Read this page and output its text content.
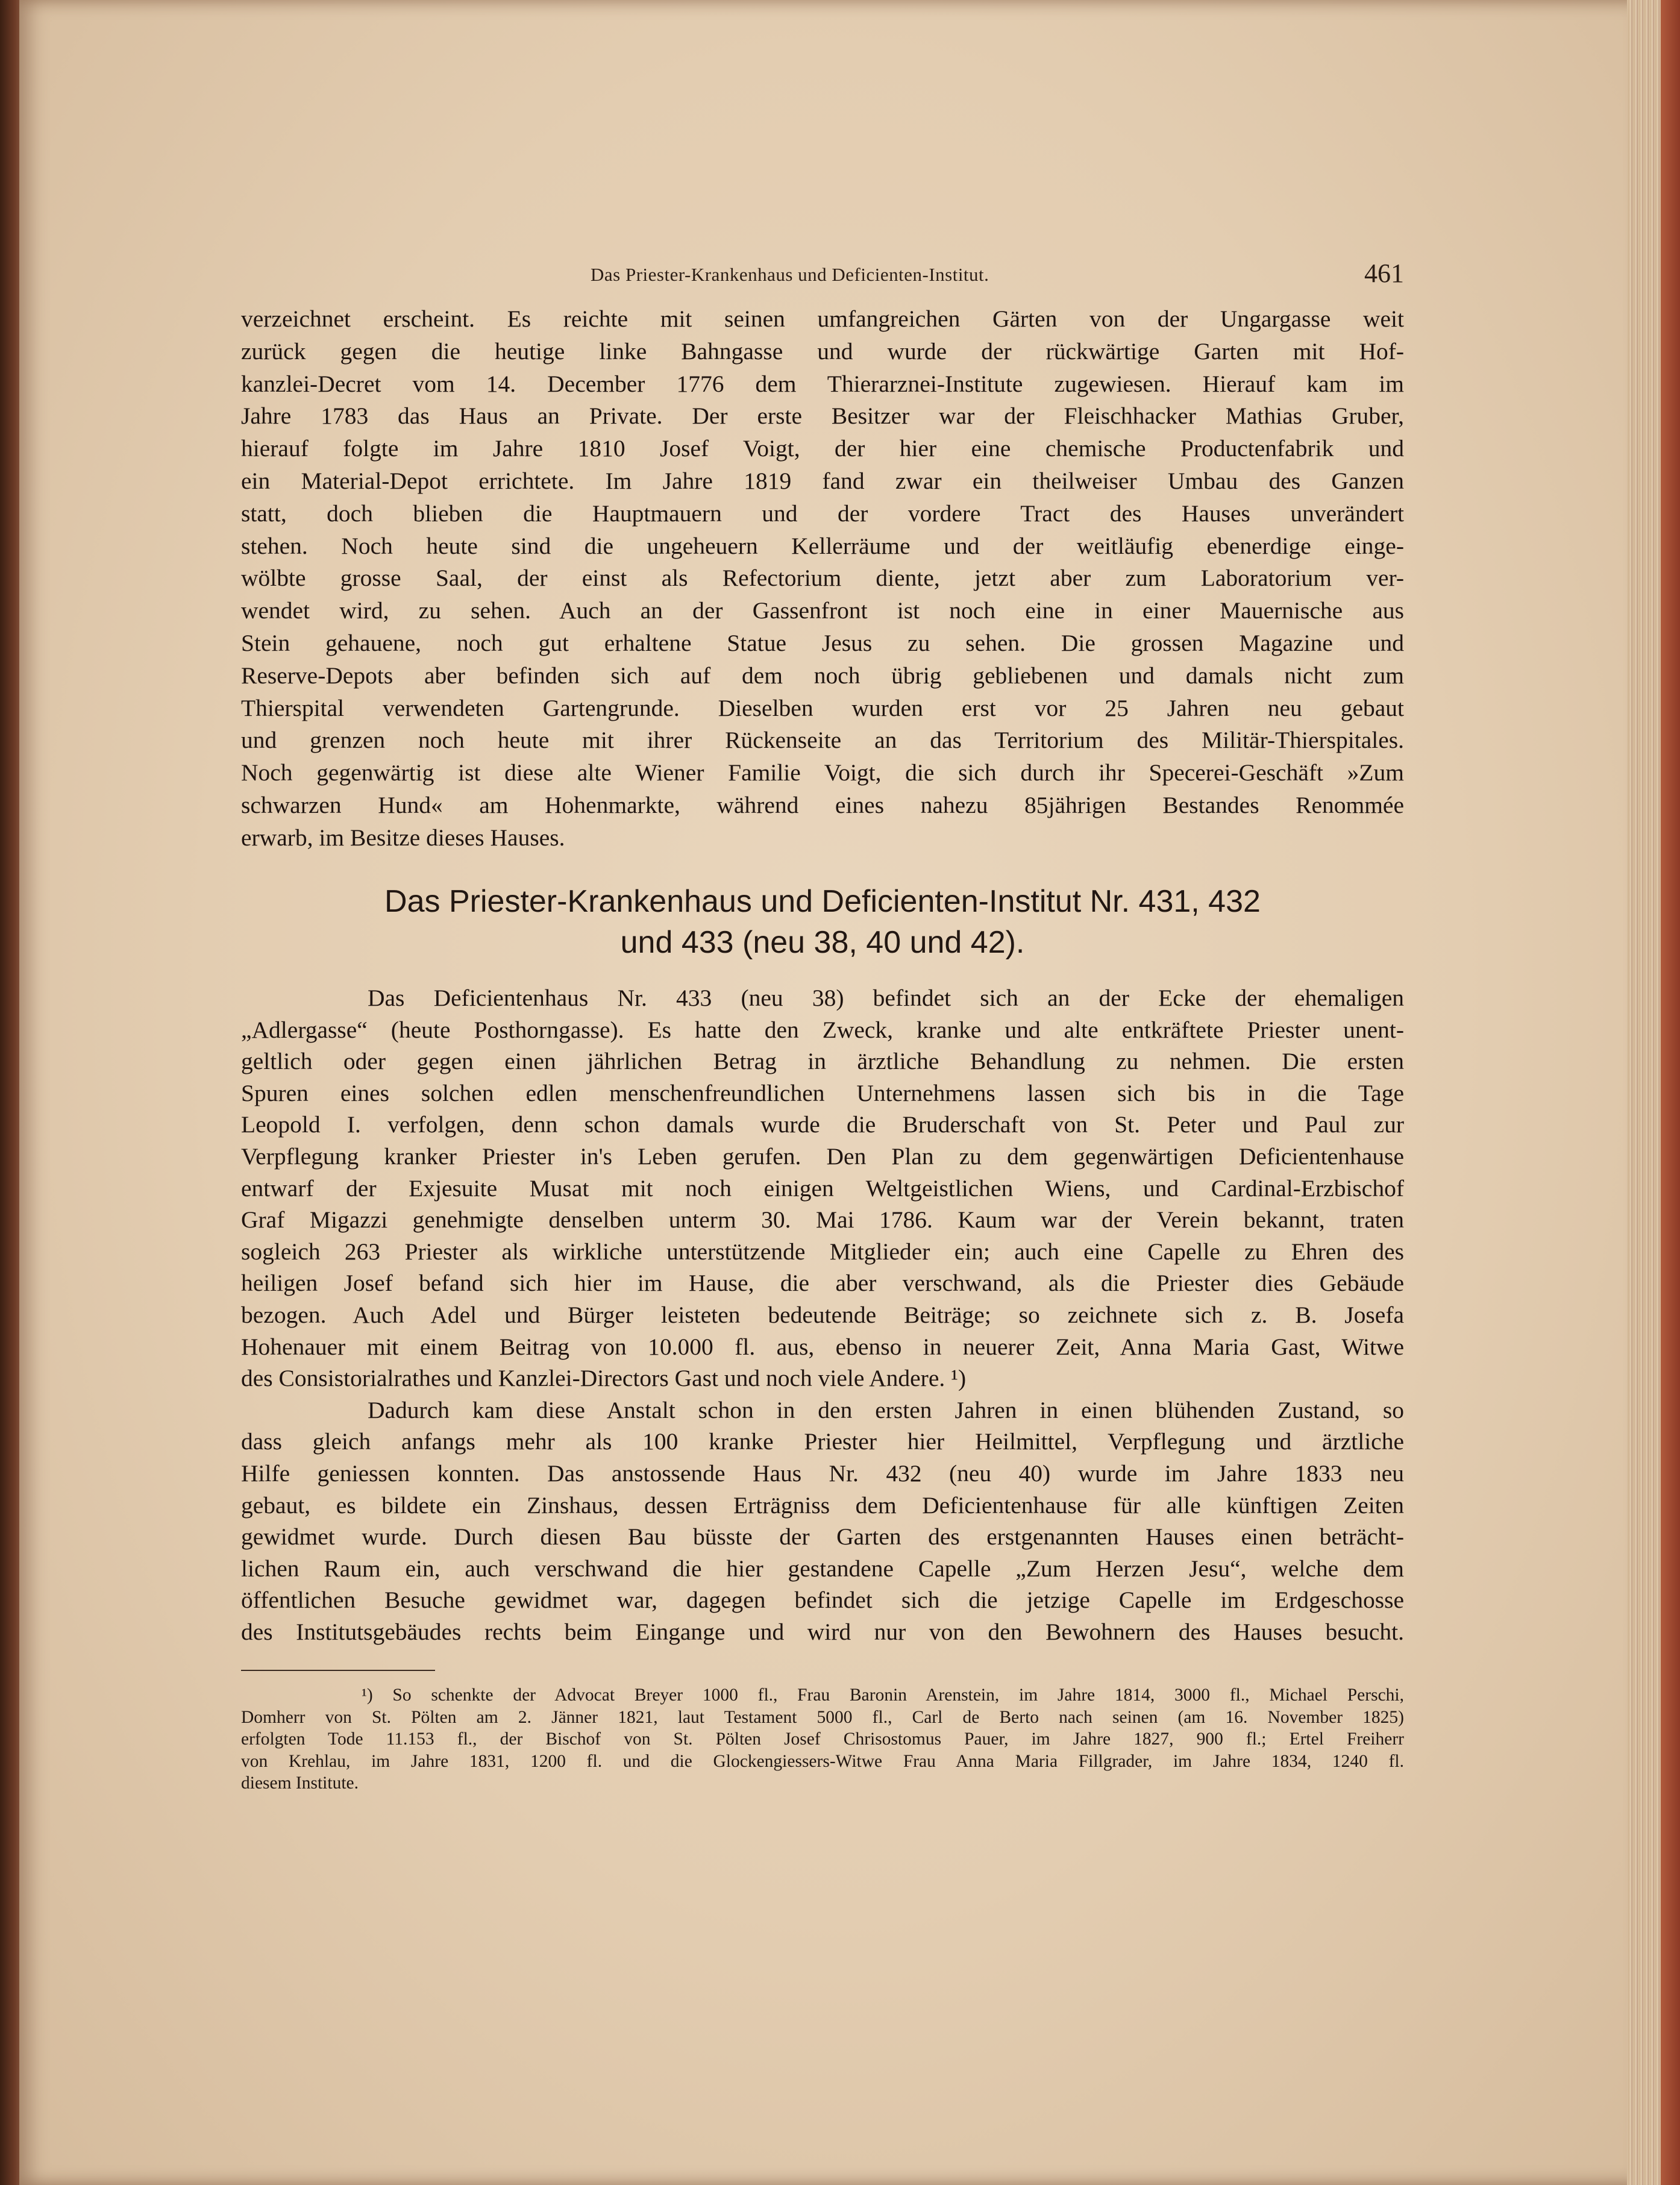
Das Priester-Krankenhaus und Deficienten-Institut.	461
verzeichnet erscheint. Es reichte mit seinen umfangreichen Gärten von der Ungargasse weit
zurück gegen die heutige linke Bahngasse und wurde der rückwärtige Garten mit Hof-
kanzlei-Decret vom 14. December 1776 dem Thierarznei-Institute zugewiesen. Hierauf kam im
Jahre 1783 das Haus an Private. Der erste Besitzer war der Fleischhacker Mathias Gruber,
hierauf folgte im Jahre 1810 Josef Voigt, der hier eine chemische Productenfabrik und
ein Material-Depot errichtete. Im Jahre 1819 fand zwar ein theilweiser Umbau des Ganzen
statt, doch blieben die Hauptmauern und der vordere Tract des Hauses unverändert
stehen. Noch heute sind die ungeheuern Kellerräume und der weitläufig ebenerdige einge-
wölbte grosse Saal, der einst als Refectorium diente, jetzt aber zum Laboratorium ver-
wendet wird, zu sehen. Auch an der Gassenfront ist noch eine in einer Mauernische aus
Stein gehauene, noch gut erhaltene Statue Jesus zu sehen. Die grossen Magazine und
Reserve-Depots aber befinden sich auf dem noch übrig gebliebenen und damals nicht zum
Thierspital verwendeten Gartengrunde. Dieselben wurden erst vor 25 Jahren neu gebaut
und grenzen noch heute mit ihrer Rückenseite an das Territorium des Militär-Thierspitales.
Noch gegenwärtig ist diese alte Wiener Familie Voigt, die sich durch ihr Specerei-Geschäft »Zum
schwarzen Hund« am Hohenmarkte, während eines nahezu 85jährigen Bestandes Renommée
erwarb, im Besitze dieses Hauses.
Das Priester-Krankenhaus und Deficienten-Institut Nr. 431, 432
und 433 (neu 38, 40 und 42).
Das Deficientenhaus Nr. 433 (neu 38) befindet sich an der Ecke der ehemaligen
„Adlergasse“ (heute Posthorngasse). Es hatte den Zweck, kranke und alte entkräftete Priester unent-
geltlich oder gegen einen jährlichen Betrag in ärztliche Behandlung zu nehmen. Die ersten
Spuren eines solchen edlen menschenfreundlichen Unternehmens lassen sich bis in die Tage
Leopold I. verfolgen, denn schon damals wurde die Bruderschaft von St. Peter und Paul zur
Verpflegung kranker Priester in's Leben gerufen. Den Plan zu dem gegenwärtigen Deficientenhause
entwarf der Exjesuite Musat mit noch einigen Weltgeistlichen Wiens, und Cardinal-Erzbischof
Graf Migazzi genehmigte denselben unterm 30. Mai 1786. Kaum war der Verein bekannt, traten
sogleich 263 Priester als wirkliche unterstützende Mitglieder ein; auch eine Capelle zu Ehren des
heiligen Josef befand sich hier im Hause, die aber verschwand, als die Priester dies Gebäude
bezogen. Auch Adel und Bürger leisteten bedeutende Beiträge; so zeichnete sich z. B. Josefa
Hohenauer mit einem Beitrag von 10.000 fl. aus, ebenso in neuerer Zeit, Anna Maria Gast, Witwe
des Consistorialrathes und Kanzlei-Directors Gast und noch viele Andere. ¹)
Dadurch kam diese Anstalt schon in den ersten Jahren in einen blühenden Zustand, so
dass gleich anfangs mehr als 100 kranke Priester hier Heilmittel, Verpflegung und ärztliche
Hilfe geniessen konnten. Das anstossende Haus Nr. 432 (neu 40) wurde im Jahre 1833 neu
gebaut, es bildete ein Zinshaus, dessen Erträgniss dem Deficientenhause für alle künftigen Zeiten
gewidmet wurde. Durch diesen Bau büsste der Garten des erstgenannten Hauses einen beträcht-
lichen Raum ein, auch verschwand die hier gestandene Capelle „Zum Herzen Jesu“, welche dem
öffentlichen Besuche gewidmet war, dagegen befindet sich die jetzige Capelle im Erdgeschosse
des Institutsgebäudes rechts beim Eingange und wird nur von den Bewohnern des Hauses besucht.
¹) So schenkte der Advocat Breyer 1000 fl., Frau Baronin Arenstein, im Jahre 1814, 3000 fl., Michael Perschi,
Domherr von St. Pölten am 2. Jänner 1821, laut Testament 5000 fl., Carl de Berto nach seinen (am 16. November 1825)
erfolgten Tode 11.153 fl., der Bischof von St. Pölten Josef Chrisostomus Pauer, im Jahre 1827, 900 fl.; Ertel Freiherr
von Krehlau, im Jahre 1831, 1200 fl. und die Glockengiessers-Witwe Frau Anna Maria Fillgrader, im Jahre 1834, 1240 fl.
diesem Institute.
